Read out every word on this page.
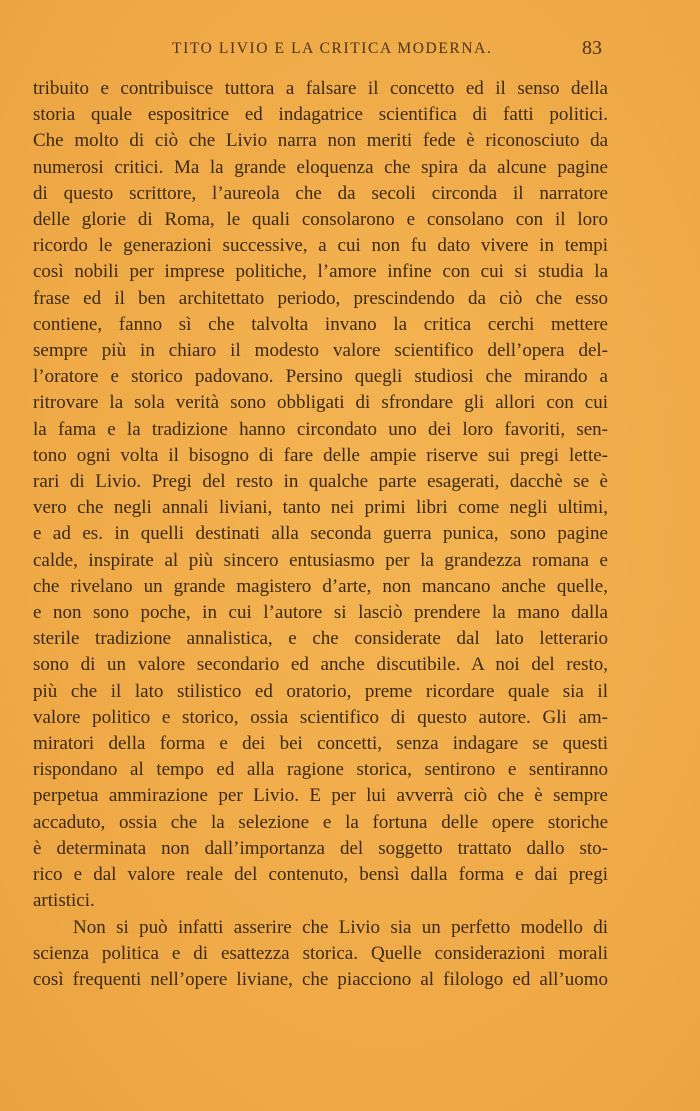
TITO LIVIO E LA CRITICA MODERNA.	83
tribuito e contribuisce tuttora a falsare il concetto ed il senso della
storia quale espositrice ed indagatrice scientifica di fatti politici.
Che molto di ciò che Livio narra non meriti fede è riconosciuto da
numerosi critici. Ma la grande eloquenza che spira da alcune pagine
di questo scrittore, l’aureola che da secoli circonda il narratore
delle glorie di Roma, le quali consolarono e consolano con il loro
ricordo le generazioni successive, a cui non fu dato vivere in tempi
così nobili per imprese politiche, l’amore infine con cui si studia la
frase ed il ben architettato periodo, prescindendo da ciò che esso
contiene, fanno sì che talvolta invano la critica cerchi mettere
sempre più in chiaro il modesto valore scientifico dell’opera del-
l’oratore e storico padovano. Persino quegli studiosi che mirando a
ritrovare la sola verità sono obbligati di sfrondare gli allori con cui
la fama e la tradizione hanno circondato uno dei loro favoriti, sen-
tono ogni volta il bisogno di fare delle ampie riserve sui pregi lette-
rari di Livio. Pregi del resto in qualche parte esagerati, dacchè se è
vero che negli annali liviani, tanto nei primi libri come negli ultimi,
e ad es. in quelli destinati alla seconda guerra punica, sono pagine
calde, inspirate al più sincero entusiasmo per la grandezza romana e
che rivelano un grande magistero d’arte, non mancano anche quelle,
e non sono poche, in cui l’autore si lasciò prendere la mano dalla
sterile tradizione annalistica, e che considerate dal lato letterario
sono di un valore secondario ed anche discutibile. A noi del resto,
più che il lato stilistico ed oratorio, preme ricordare quale sia il
valore politico e storico, ossia scientifico di questo autore. Gli am-
miratori della forma e dei bei concetti, senza indagare se questi
rispondano al tempo ed alla ragione storica, sentirono e sentiranno
perpetua ammirazione per Livio. E per lui avverrà ciò che è sempre
accaduto, ossia che la selezione e la fortuna delle opere storiche
è determinata non dall’importanza del soggetto trattato dallo sto-
rico e dal valore reale del contenuto, bensì dalla forma e dai pregi
artistici.
Non si può infatti asserire che Livio sia un perfetto modello di
scienza politica e di esattezza storica. Quelle considerazioni morali
così frequenti nell’opere liviane, che piacciono al filologo ed all’uomo
